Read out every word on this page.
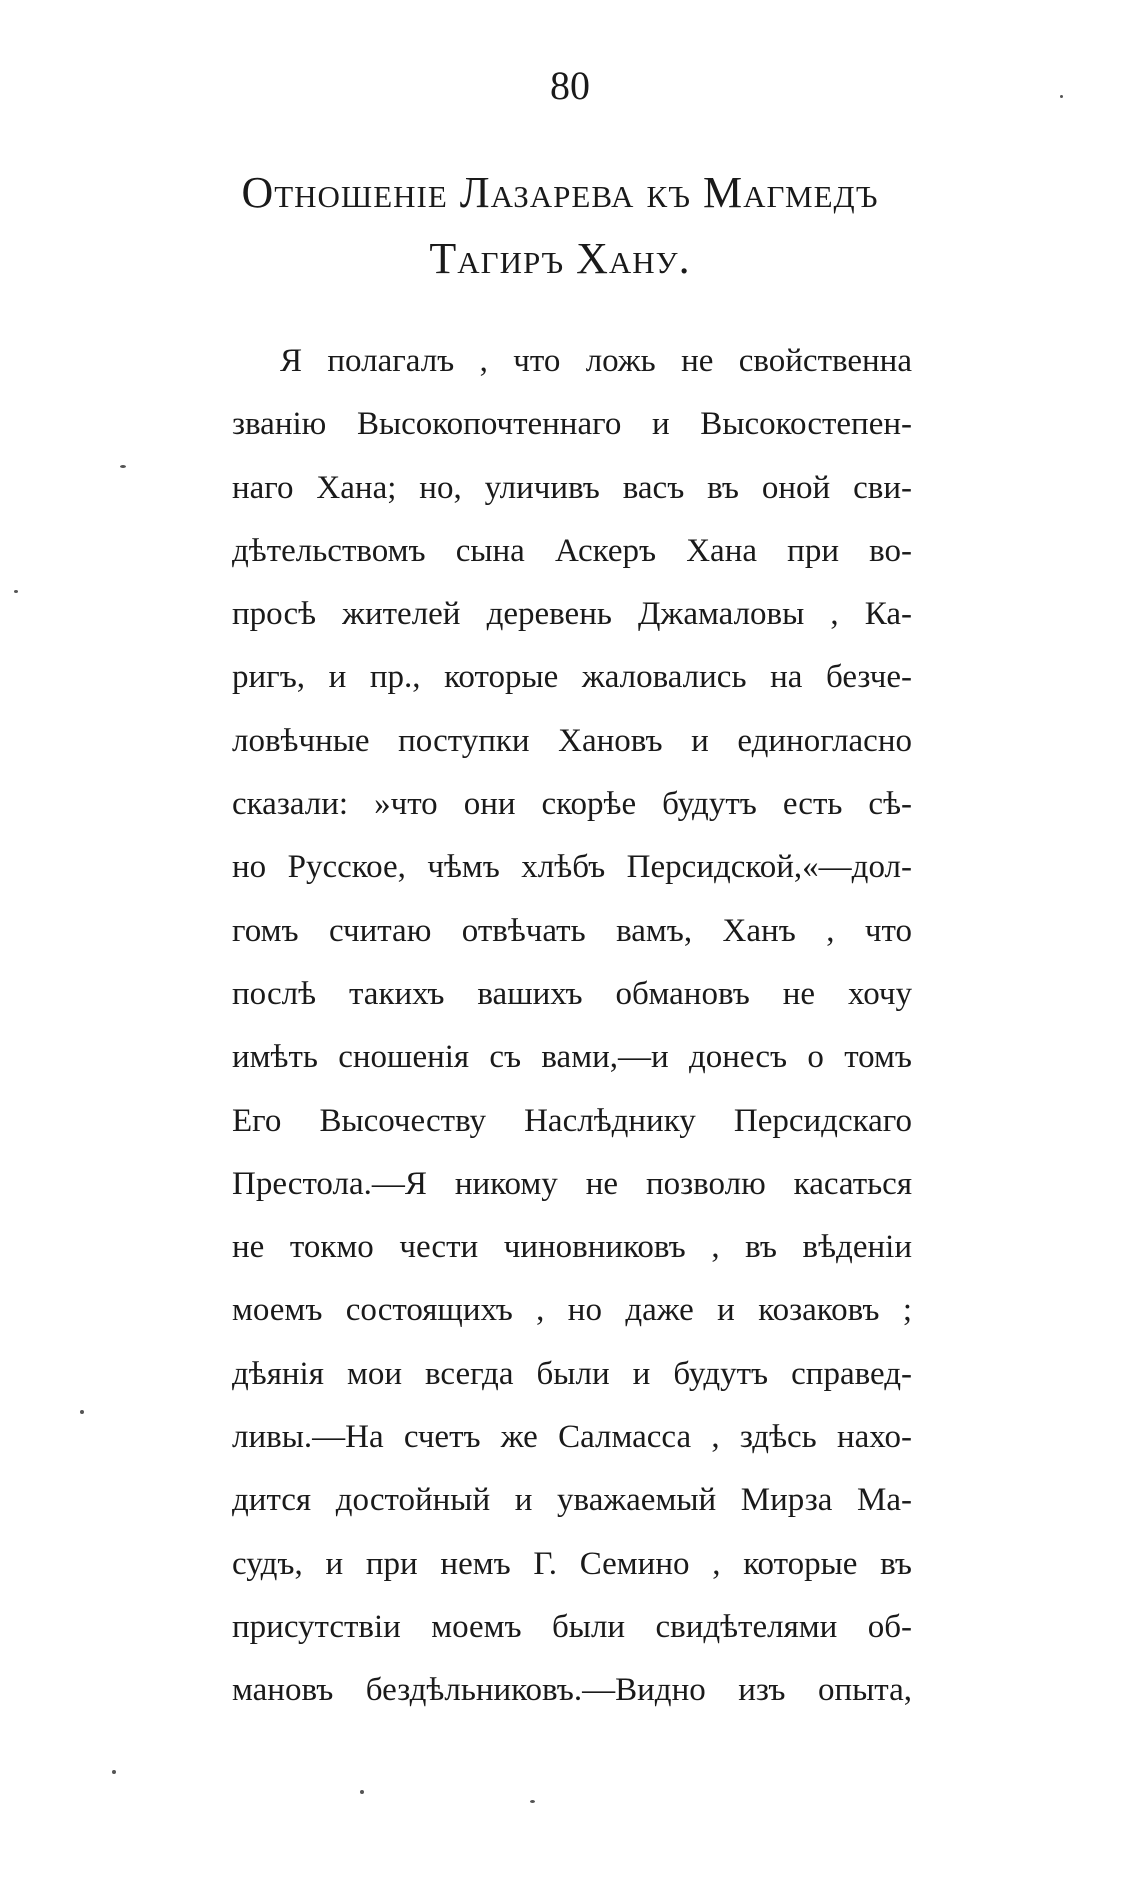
80
Отношеніе Лазарева къ Магмедъ
Тагиръ Хану.
Я полагалъ , что ложь не свойственна
званію Высокопочтеннаго и Высокостепен-
наго Хана; но, уличивъ васъ въ оной сви-
дѣтельствомъ сына Аскеръ Хана при во-
просѣ жителей деревень Джамаловы , Ка-
ригъ, и пр., которые жаловались на безче-
ловѣчные поступки Хановъ и единогласно
сказали: »что они скорѣе будутъ есть сѣ-
но Русское, чѣмъ хлѣбъ Персидской,«—дол-
гомъ считаю отвѣчать вамъ, Ханъ , что
послѣ такихъ вашихъ обмановъ не хочу
имѣть сношенія съ вами,—и донесъ о томъ
Его Высочеству Наслѣднику Персидскаго
Престола.—Я никому не позволю касаться
не токмо чести чиновниковъ , въ вѣденіи
моемъ состоящихъ , но даже и козаковъ ;
дѣянія мои всегда были и будутъ справед-
ливы.—На счетъ же Салмасса , здѣсь нахо-
дится достойный и уважаемый Мирза Ма-
судъ, и при немъ Г. Семино , которые въ
присутствіи моемъ были свидѣтелями об-
мановъ бездѣльниковъ.—Видно изъ опыта,
